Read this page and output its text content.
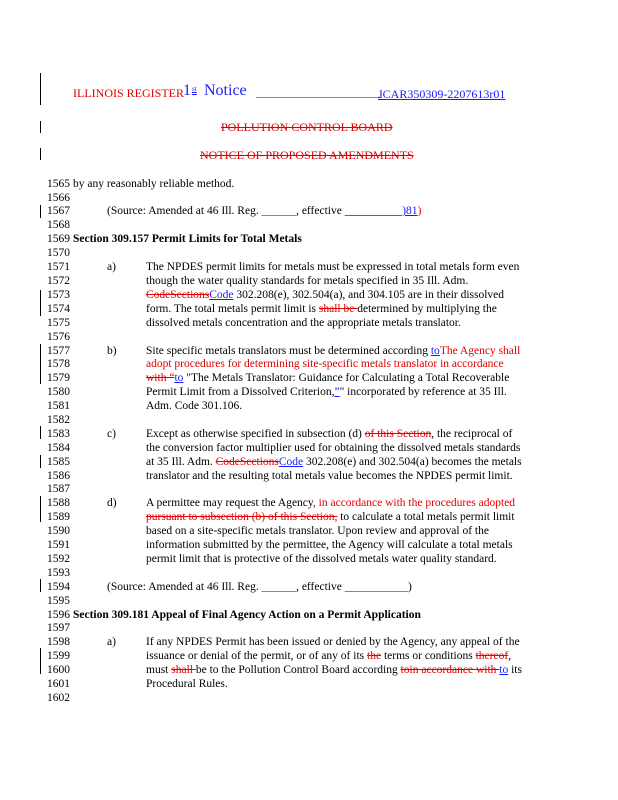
ILLINOIS REGISTER 1 st Notice _____________________
JCAR350309-2207613r01
POLLUTION CONTROL BOARD
NOTICE OF PROPOSED AMENDMENTS
1565 by any reasonably reliable method.
1566
1567	(Source: Amended at 46 Ill. Reg. ______, effective __________)81)
1568
1569 Section 309.157 Permit Limits for Total Metals
1570
1571	a)	The NPDES permit limits for metals must be expressed in total metals form even
1572	though the water quality standards for metals specified in 35 Ill. Adm.
1573	CodeSectionsCode 302.208(e), 302.504(a), and 304.105 are in their dissolved
1574	form. The total metals permit limit is shall be determined by multiplying the
1575	dissolved metals concentration and the appropriate metals translator.
1576
1577	b)	Site specific metals translators must be determined according toThe Agency shall
1578	adopt procedures for determining site-specific metals translator in accordance
1579	with “to "The Metals Translator: Guidance for Calculating a Total Recoverable
1580	Permit Limit from a Dissolved Criterion,”" incorporated by reference at 35 Ill.
1581	Adm. Code 301.106.
1582
1583	c)	Except as otherwise specified in subsection (d) of this Section, the reciprocal of
1584	the conversion factor multiplier used for obtaining the dissolved metals standards
1585	at 35 Ill. Adm. CodeSectionsCode 302.208(e) and 302.504(a) becomes the metals
1586	translator and the resulting total metals value becomes the NPDES permit limit.
1587
1588	d)	A permittee may request the Agency, in accordance with the procedures adopted
1589	pursuant to subsection (b) of this Section, to calculate a total metals permit limit
1590	based on a site-specific metals translator. Upon review and approval of the
1591	information submitted by the permittee, the Agency will calculate a total metals
1592	permit limit that is protective of the dissolved metals water quality standard.
1593
1594	(Source: Amended at 46 Ill. Reg. ______, effective ___________)
1595
1596 Section 309.181 Appeal of Final Agency Action on a Permit Application
1597
1598	a)	If any NPDES Permit has been issued or denied by the Agency, any appeal of the
1599	issuance or denial of the permit, or of any of its the terms or conditions thereof,
1600	must shall be to the Pollution Control Board according toin accordance with to its
1601	Procedural Rules.
1602
